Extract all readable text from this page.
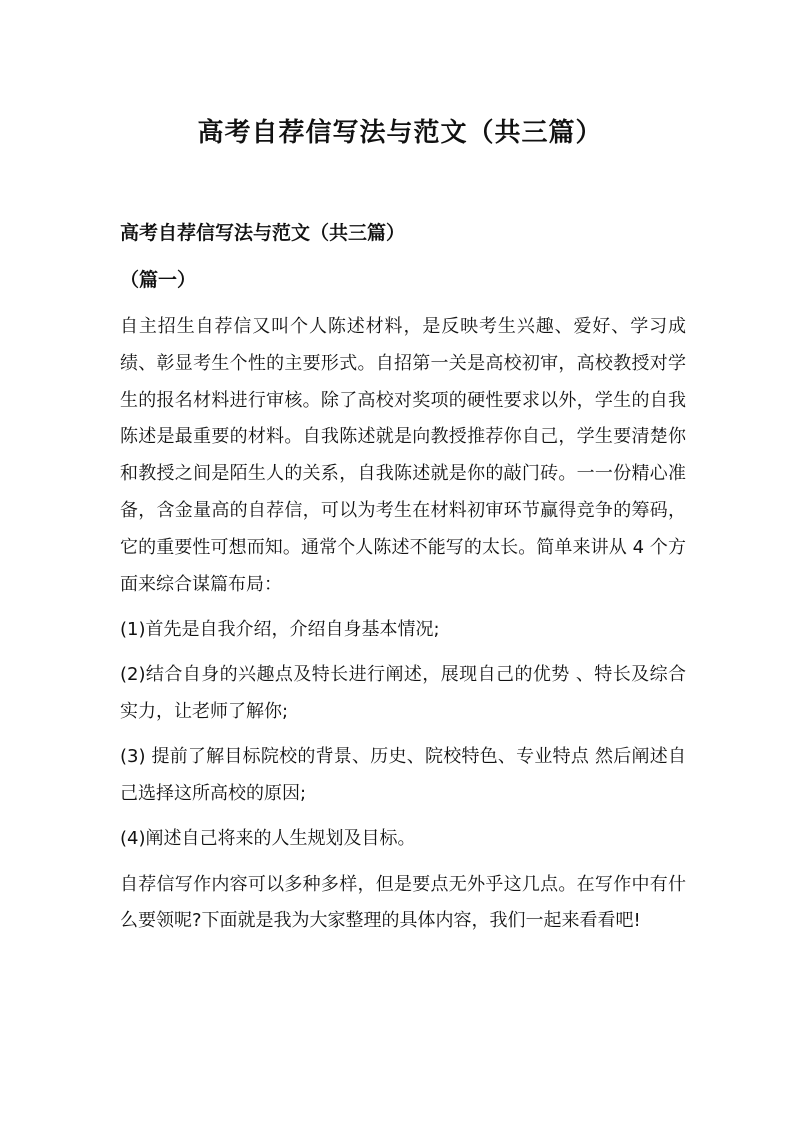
高考自荐信写法与范文（共三篇）
高考自荐信写法与范文（共三篇）
（篇一）

自主招生自荐信又叫个人陈述材料，是反映考生兴趣、爱好、学习成绩、彰显考生个性的主要形式。自招第一关是高校初审，高校教授对学生的报名材料进行审核。除了高校对奖项的硬性要求以外，学生的自我陈述是最重要的材料。自我陈述就是向教授推荐你自己，学生要清楚你和教授之间是陌生人的关系，自我陈述就是你的敲门砖。一一份精心准备，含金量高的自荐信，可以为考生在材料初审环节赢得竞争的筹码，它的重要性可想而知。通常个人陈述不能写的太长。简单来讲从 4 个方面来综合谋篇布局：

(1)首先是自我介绍，介绍自身基本情况;

(2)结合自身的兴趣点及特长进行阐述，展现自己的优势 、特长及综合实力，让老师了解你;

(3) 提前了解目标院校的背景、历史、院校特色、专业特点 然后阐述自己选择这所高校的原因;

(4)阐述自己将来的人生规划及目标。

自荐信写作内容可以多种多样，但是要点无外乎这几点。在写作中有什么要领呢?下面就是我为大家整理的具体内容，我们一起来看看吧!
